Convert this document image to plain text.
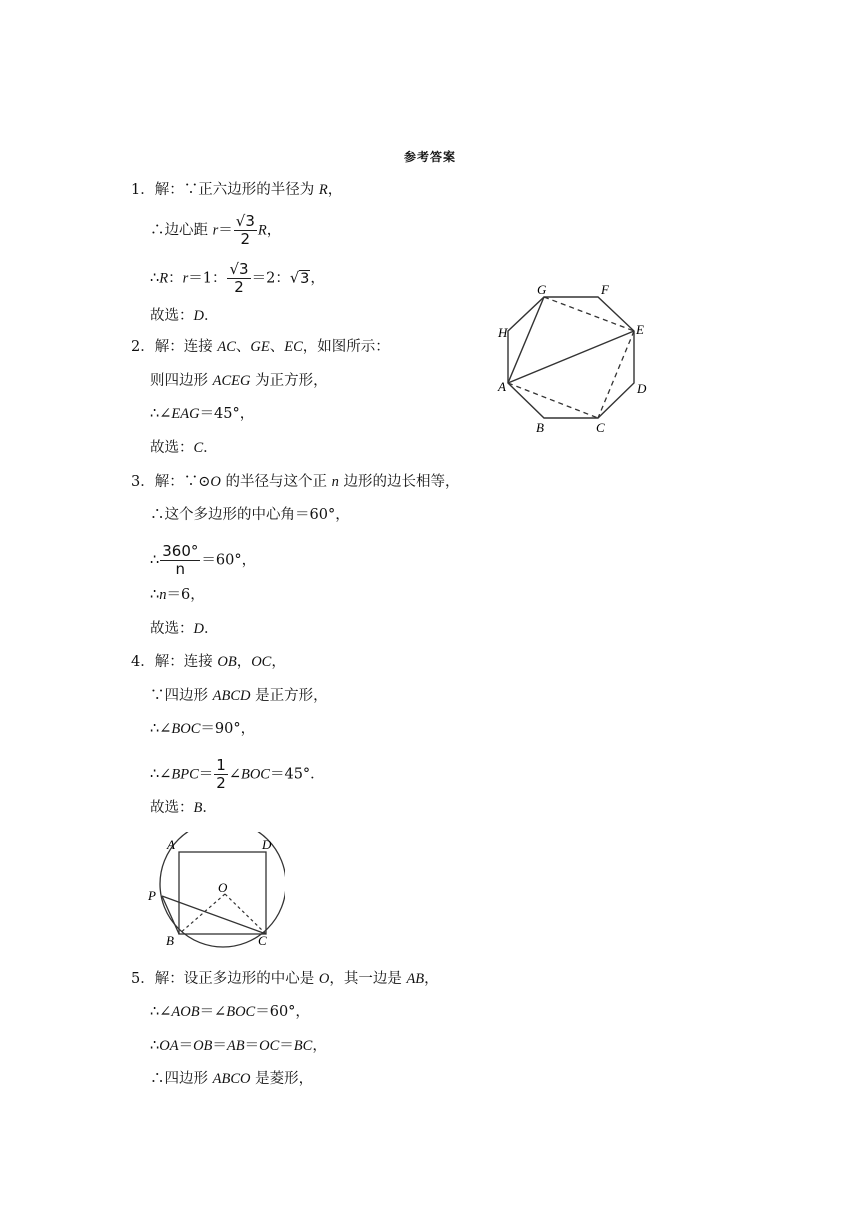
参考答案
1．解：∵正六边形的半径为 R，
∴边心距 $r= \frac{√3}{2}$ R，
∴R：r＝1： $\frac{√3}{2} =2$：√3，
故选：D．
2．解：连接 AC、GE、EC，如图所示：
则四边形 ACEG 为正方形，
∴∠EAG＝45°，
故选：C．
G	F
E
H
A	D
B	C
3．解：∵⊙O 的半径与这个正 n 边形的边长相等，
∴这个多边形的中心角＝60°，
∴ $\frac{360^\circ}{n} =60^\circ$，
∴n＝6，
故选：D．
4．解：连接 OB，OC，
∵四边形 ABCD 是正方形，
∴∠BOC＝90°，
∴∠BPC＝ $\frac{1}{2}$ ∠BOC＝45°．
故选：B．
A	D
O
P
B	C
5．解：设正多边形的中心是 O，其一边是 AB，
∴∠AOB＝∠BOC＝60°，
∴OA＝OB＝AB＝OC＝BC，
∴四边形 ABCO 是菱形，
